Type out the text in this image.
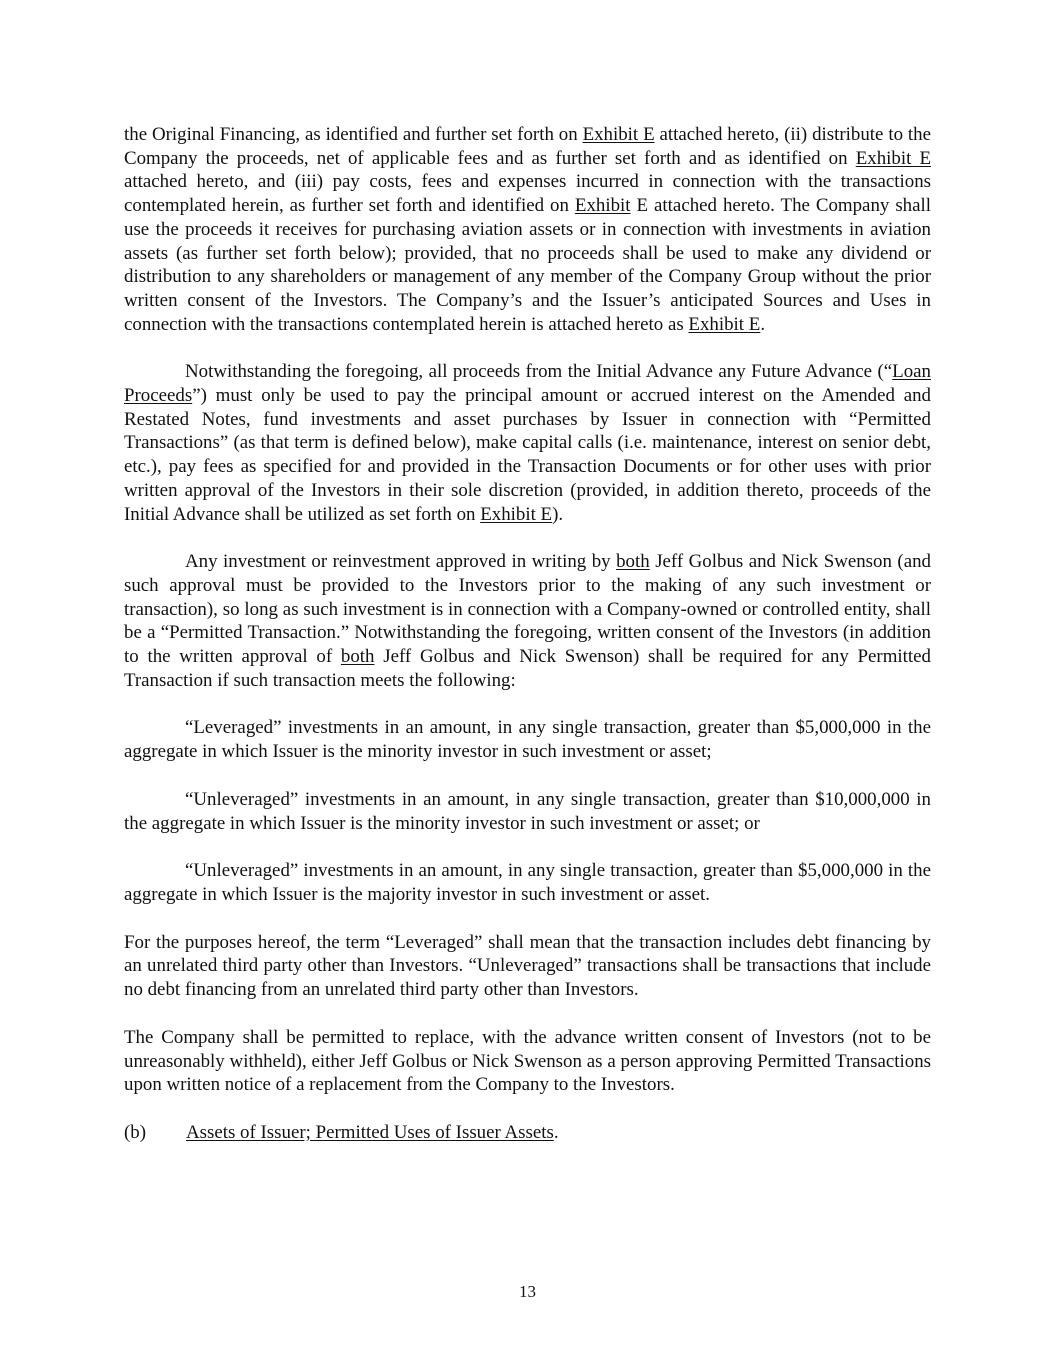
the Original Financing, as identified and further set forth on Exhibit E attached hereto, (ii) distribute to the Company the proceeds, net of applicable fees and as further set forth and as identified on Exhibit E attached hereto, and (iii) pay costs, fees and expenses incurred in connection with the transactions contemplated herein, as further set forth and identified on Exhibit E attached hereto. The Company shall use the proceeds it receives for purchasing aviation assets or in connection with investments in aviation assets (as further set forth below); provided, that no proceeds shall be used to make any dividend or distribution to any shareholders or management of any member of the Company Group without the prior written consent of the Investors. The Company’s and the Issuer’s anticipated Sources and Uses in connection with the transactions contemplated herein is attached hereto as Exhibit E.

Notwithstanding the foregoing, all proceeds from the Initial Advance any Future Advance (“Loan Proceeds”) must only be used to pay the principal amount or accrued interest on the Amended and Restated Notes, fund investments and asset purchases by Issuer in connection with “Permitted Transactions” (as that term is defined below), make capital calls (i.e. maintenance, interest on senior debt, etc.), pay fees as specified for and provided in the Transaction Documents or for other uses with prior written approval of the Investors in their sole discretion (provided, in addition thereto, proceeds of the Initial Advance shall be utilized as set forth on Exhibit E).

Any investment or reinvestment approved in writing by both Jeff Golbus and Nick Swenson (and such approval must be provided to the Investors prior to the making of any such investment or transaction), so long as such investment is in connection with a Company-owned or controlled entity, shall be a “Permitted Transaction.” Notwithstanding the foregoing, written consent of the Investors (in addition to the written approval of both Jeff Golbus and Nick Swenson) shall be required for any Permitted Transaction if such transaction meets the following:

“Leveraged” investments in an amount, in any single transaction, greater than $5,000,000 in the aggregate in which Issuer is the minority investor in such investment or asset;

“Unleveraged” investments in an amount, in any single transaction, greater than $10,000,000 in the aggregate in which Issuer is the minority investor in such investment or asset; or

“Unleveraged” investments in an amount, in any single transaction, greater than $5,000,000 in the aggregate in which Issuer is the majority investor in such investment or asset.

For the purposes hereof, the term “Leveraged” shall mean that the transaction includes debt financing by an unrelated third party other than Investors. “Unleveraged” transactions shall be transactions that include no debt financing from an unrelated third party other than Investors.

The Company shall be permitted to replace, with the advance written consent of Investors (not to be unreasonably withheld), either Jeff Golbus or Nick Swenson as a person approving Permitted Transactions upon written notice of a replacement from the Company to the Investors.

(b) Assets of Issuer; Permitted Uses of Issuer Assets.

13
